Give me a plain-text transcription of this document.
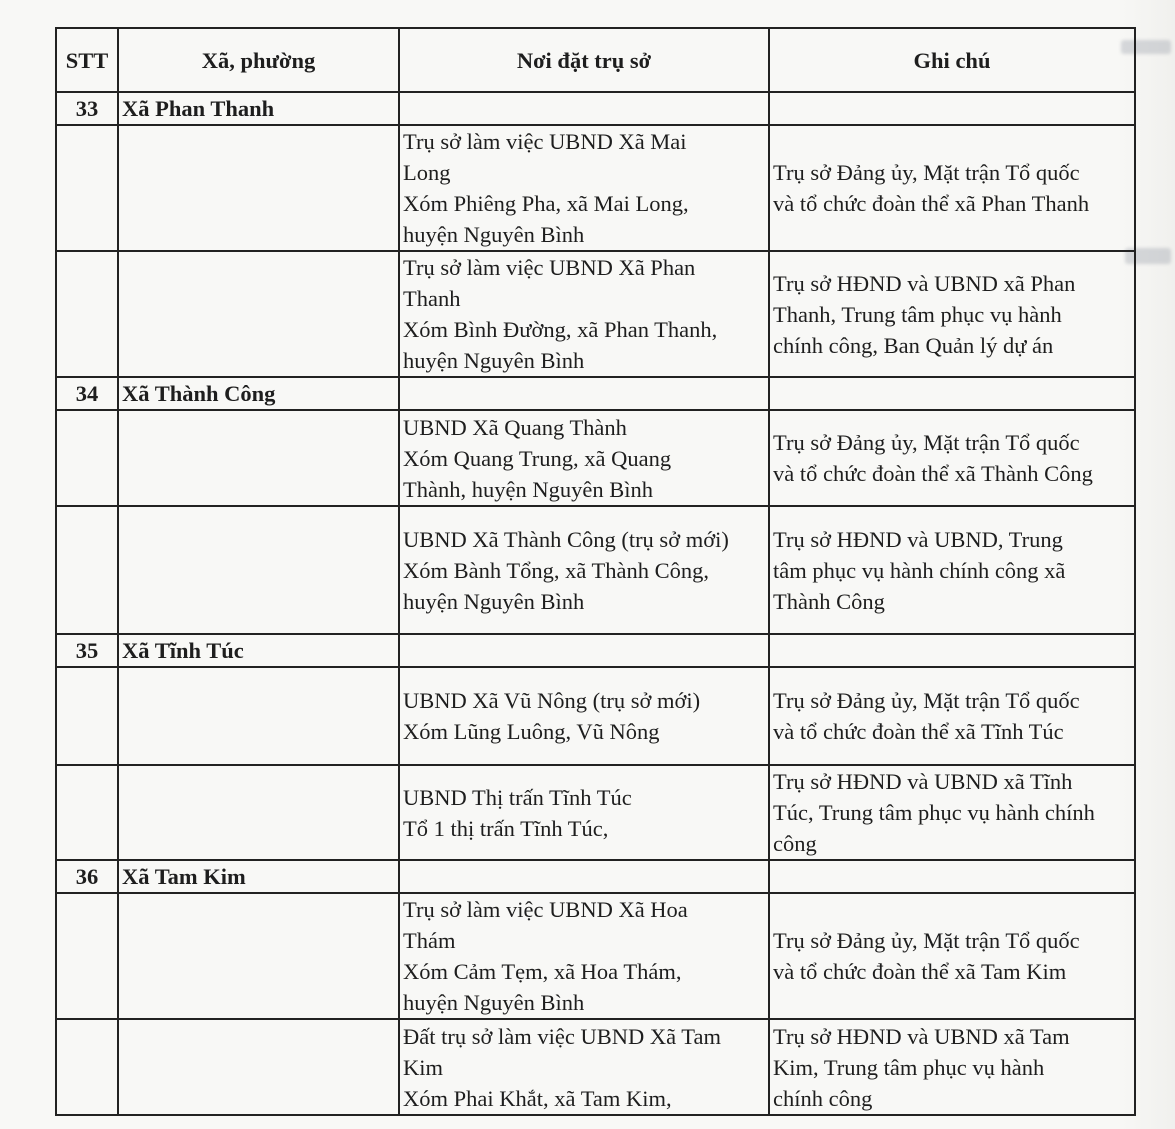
STT	Xã, phường	Nơi đặt trụ sở	Ghi chú
33	Xã Phan Thanh		

		Trụ sở làm việc UBND Xã Mai
Long
Xóm Phiêng Pha, xã Mai Long,
huyện Nguyên Bình	Trụ sở Đảng ủy, Mặt trận Tổ quốc
và tổ chức đoàn thể xã Phan Thanh

		Trụ sở làm việc UBND Xã Phan
Thanh
Xóm Bình Đường, xã Phan Thanh,
huyện Nguyên Bình	Trụ sở HĐND và UBND xã Phan
Thanh, Trung tâm phục vụ hành
chính công, Ban Quản lý dự án

34	Xã Thành Công		

		UBND Xã Quang Thành
Xóm Quang Trung, xã Quang
Thành, huyện Nguyên Bình	Trụ sở Đảng ủy, Mặt trận Tổ quốc
và tổ chức đoàn thể xã Thành Công

		UBND Xã Thành Công (trụ sở mới)
Xóm Bành Tổng, xã Thành Công,
huyện Nguyên Bình	Trụ sở HĐND và UBND, Trung
tâm phục vụ hành chính công xã
Thành Công

35	Xã Tĩnh Túc		

		UBND Xã Vũ Nông (trụ sở mới)
Xóm Lũng Luông, Vũ Nông	Trụ sở Đảng ủy, Mặt trận Tổ quốc
và tổ chức đoàn thể xã Tĩnh Túc

		UBND Thị trấn Tĩnh Túc
Tổ 1 thị trấn Tĩnh Túc,	Trụ sở HĐND và UBND xã Tĩnh
Túc, Trung tâm phục vụ hành chính
công

36	Xã Tam Kim		

		Trụ sở làm việc UBND Xã Hoa
Thám
Xóm Cảm Tẹm, xã Hoa Thám,
huyện Nguyên Bình	Trụ sở Đảng ủy, Mặt trận Tổ quốc
và tổ chức đoàn thể xã Tam Kim

		Đất trụ sở làm việc UBND Xã Tam
Kim
Xóm Phai Khắt, xã Tam Kim,	Trụ sở HĐND và UBND xã Tam
Kim, Trung tâm phục vụ hành
chính công
